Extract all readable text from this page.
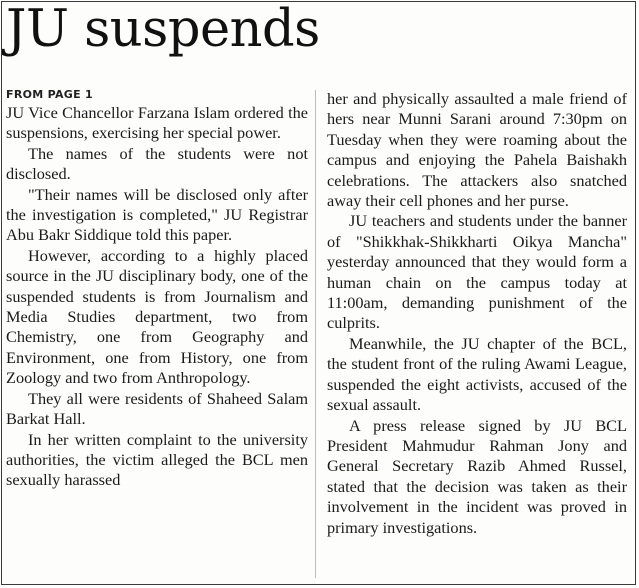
JU suspends
FROM PAGE 1

JU Vice Chancellor Farzana Islam ordered the suspensions, exercising her special power.

The names of the students were not disclosed.

"Their names will be disclosed only after the investigation is completed," JU Registrar Abu Bakr Siddique told this paper.

However, according to a highly placed source in the JU disciplinary body, one of the suspended students is from Journalism and Media Studies department, two from Chemistry, one from Geography and Environment, one from History, one from Zoology and two from Anthropology.

They all were residents of Shaheed Salam Barkat Hall.

In her written complaint to the university authorities, the victim alleged the BCL men sexually harassed

her and physically assaulted a male friend of hers near Munni Sarani around 7:30pm on Tuesday when they were roaming about the campus and enjoying the Pahela Baishakh celebrations. The attackers also snatched away their cell phones and her purse.

JU teachers and students under the banner of "Shikkhak-Shikkharti Oikya Mancha" yesterday announced that they would form a human chain on the campus today at 11:00am, demanding punishment of the culprits.

Meanwhile, the JU chapter of the BCL, the student front of the ruling Awami League, suspended the eight activists, accused of the sexual assault.

A press release signed by JU BCL President Mahmudur Rahman Jony and General Secretary Razib Ahmed Russel, stated that the decision was taken as their involvement in the incident was proved in primary investigations.
